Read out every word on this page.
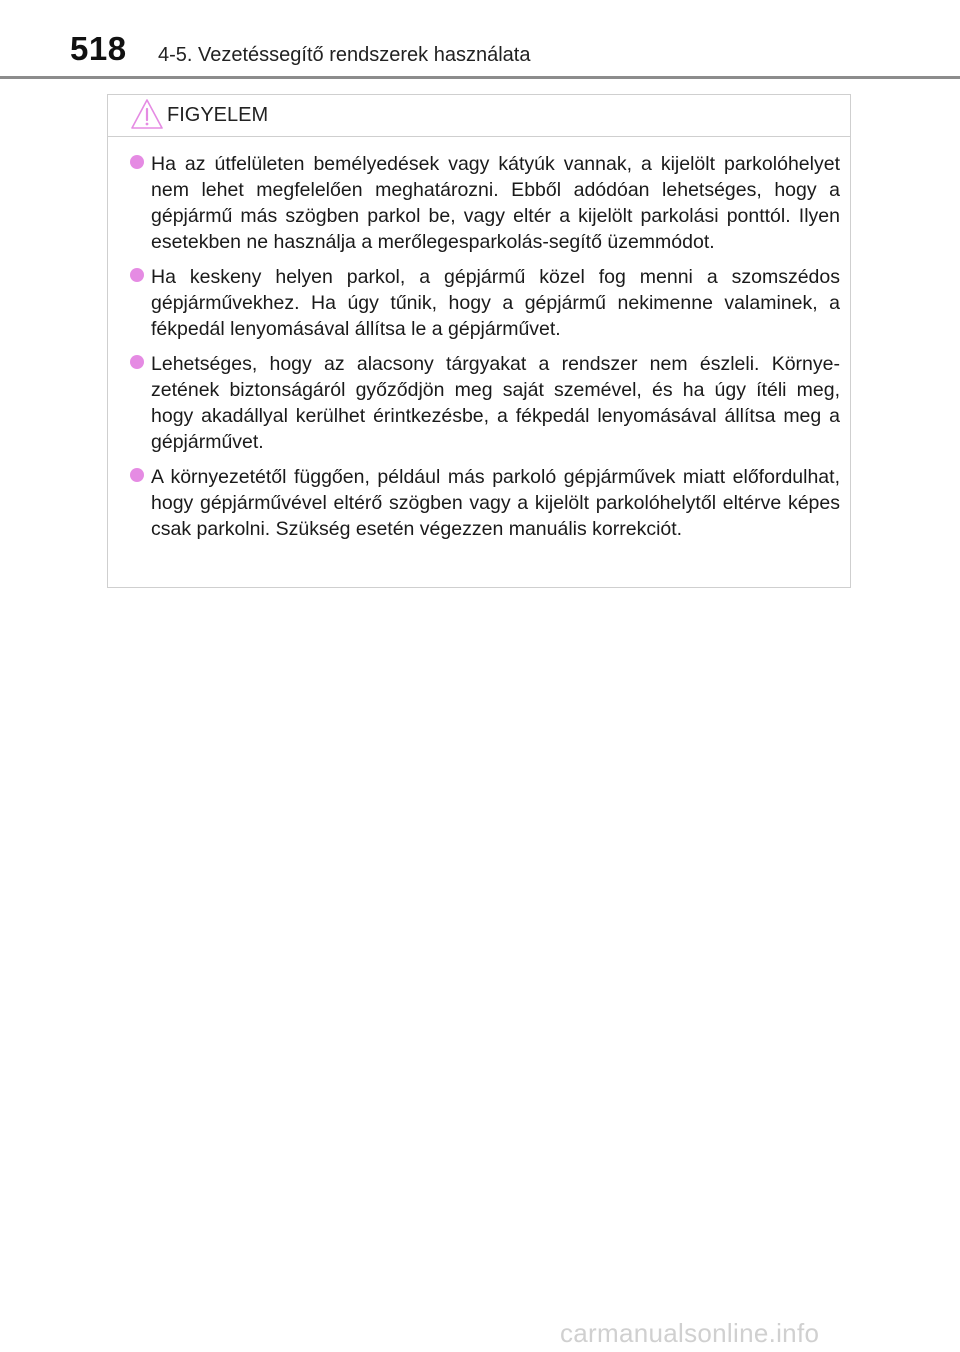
518 4-5. Vezetéssegítő rendszerek használata
FIGYELEM
Ha az útfelületen bemélyedések vagy kátyúk vannak, a kijelölt parkolóhelyet nem lehet megfelelően meghatározni. Ebből adódóan lehetséges, hogy a gépjármű más szögben parkol be, vagy eltér a kijelölt parkolási ponttól. Ilyen esetekben ne használja a merőlegesparkolás-segítő üzemmódot.
Ha keskeny helyen parkol, a gépjármű közel fog menni a szomszédos gépjárművekhez. Ha úgy tűnik, hogy a gépjármű nekimenne valaminek, a fékpedál lenyomásával állítsa le a gépjárművet.
Lehetséges, hogy az alacsony tárgyakat a rendszer nem észleli. Környezetének biztonságáról győződjön meg saját szemével, és ha úgy ítéli meg, hogy akadállyal kerülhet érintkezésbe, a fékpedál lenyomásával állítsa meg a gépjárművet.
A környezetétől függően, például más parkoló gépjárművek miatt előfordulhat, hogy gépjárművével eltérő szögben vagy a kijelölt parkolóhelytől eltérve képes csak parkolni. Szükség esetén végezzen manuális korrekciót.
carmanualsonline.info
